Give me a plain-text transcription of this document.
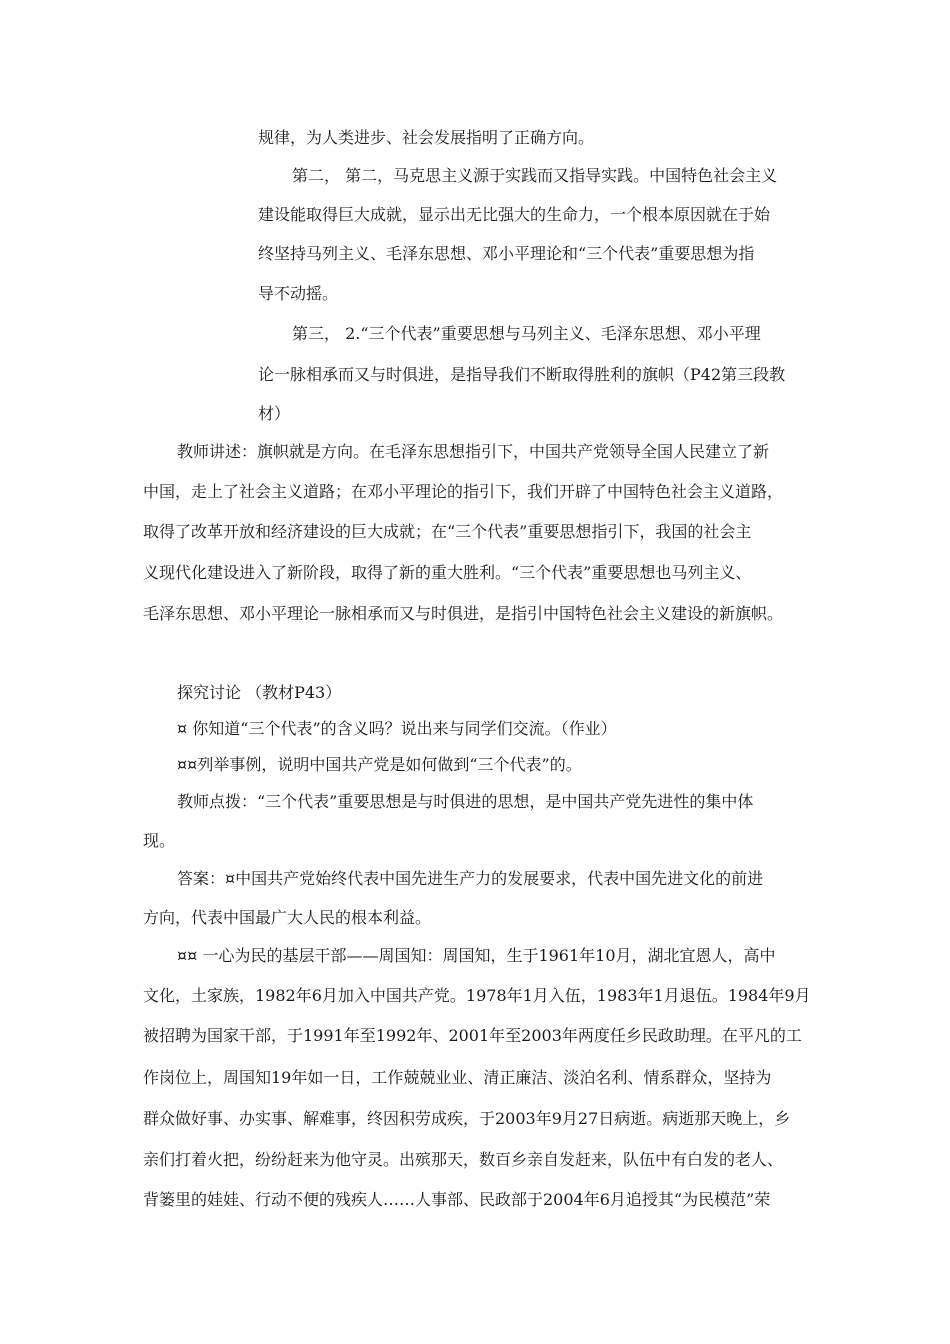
规律，为人类进步、社会发展指明了正确方向。
第二， 第二，马克思主义源于实践而又指导实践。中国特色社会主义
建设能取得巨大成就，显示出无比强大的生命力，一个根本原因就在于始
终坚持马列主义、毛泽东思想、邓小平理论和“三个代表”重要思想为指
导不动摇。
第三， 2.“三个代表”重要思想与马列主义、毛泽东思想、邓小平理
论一脉相承而又与时俱进，是指导我们不断取得胜利的旗帜（P42第三段教
材）
教师讲述：旗帜就是方向。在毛泽东思想指引下，中国共产党领导全国人民建立了新
中国，走上了社会主义道路；在邓小平理论的指引下，我们开辟了中国特色社会主义道路，
取得了改革开放和经济建设的巨大成就；在“三个代表”重要思想指引下，我国的社会主
义现代化建设进入了新阶段，取得了新的重大胜利。“三个代表”重要思想也马列主义、
毛泽东思想、邓小平理论一脉相承而又与时俱进，是指引中国特色社会主义建设的新旗帜。
探究讨论 （教材P43）
¤ 你知道“三个代表”的含义吗？说出来与同学们交流。（作业）
¤¤列举事例，说明中国共产党是如何做到“三个代表”的。
教师点拨：“三个代表”重要思想是与时俱进的思想，是中国共产党先进性的集中体
现。
答案：¤中国共产党始终代表中国先进生产力的发展要求，代表中国先进文化的前进
方向，代表中国最广大人民的根本利益。
¤¤ 一心为民的基层干部——周国知：周国知，生于1961年10月，湖北宜恩人，高中
文化，土家族，1982年6月加入中国共产党。1978年1月入伍，1983年1月退伍。1984年9月
被招聘为国家干部，于1991年至1992年、2001年至2003年两度任乡民政助理。在平凡的工
作岗位上，周国知19年如一日，工作兢兢业业、清正廉洁、淡泊名利、情系群众，坚持为
群众做好事、办实事、解难事，终因积劳成疾，于2003年9月27日病逝。病逝那天晚上，乡
亲们打着火把，纷纷赶来为他守灵。出殡那天，数百乡亲自发赶来，队伍中有白发的老人、
背篓里的娃娃、行动不便的残疾人……人事部、民政部于2004年6月追授其“为民模范”荣
